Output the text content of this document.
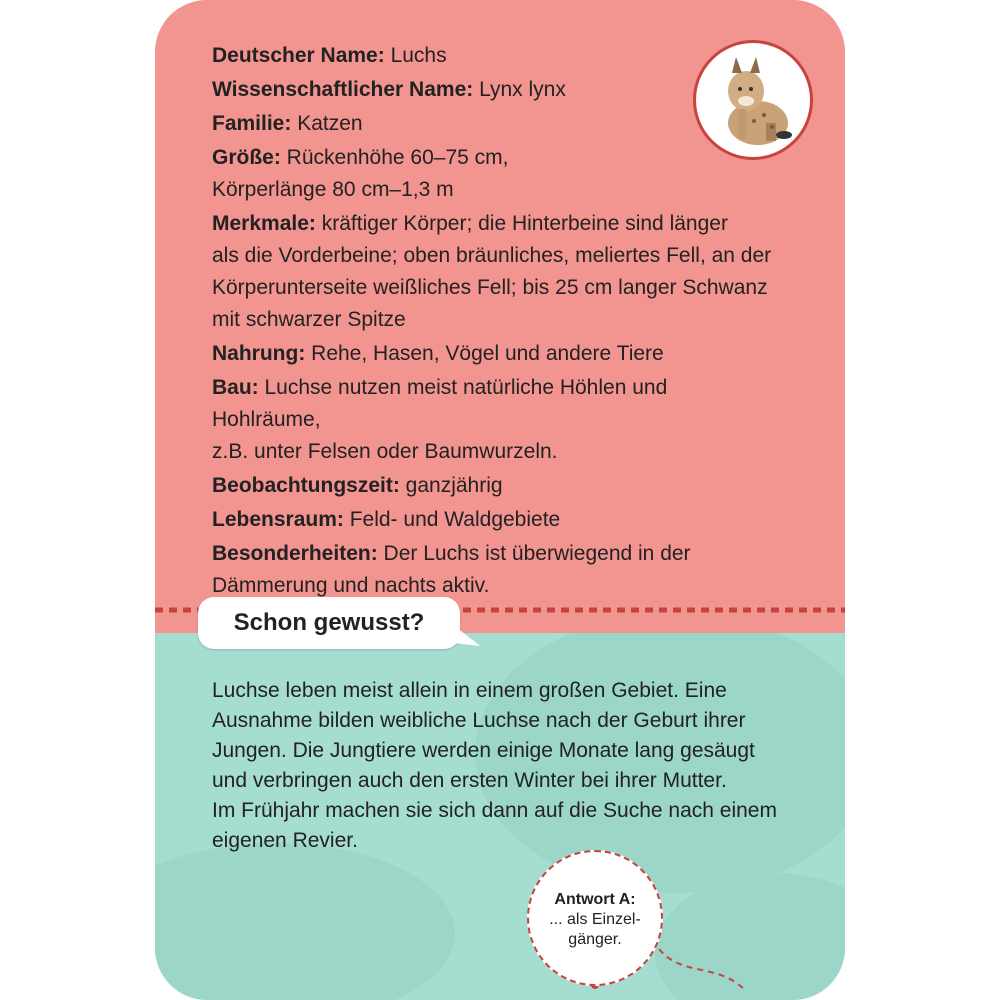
Deutscher Name: Luchs
Wissenschaftlicher Name: Lynx lynx
Familie: Katzen
Größe: Rückenhöhe 60–75 cm,
Körperlänge 80 cm–1,3 m
Merkmale: kräftiger Körper; die Hinterbeine sind länger
als die Vorderbeine; oben bräunliches, meliertes Fell, an der
Körperunterseite weißliches Fell; bis 25 cm langer Schwanz
mit schwarzer Spitze
Nahrung: Rehe, Hasen, Vögel und andere Tiere
Bau: Luchse nutzen meist natürliche Höhlen und Hohlräume,
z.B. unter Felsen oder Baumwurzeln.
Beobachtungszeit: ganzjährig
Lebensraum: Feld- und Waldgebiete
Besonderheiten: Der Luchs ist überwiegend in der
Dämmerung und nachts aktiv.
Schon gewusst?
Luchse leben meist allein in einem großen Gebiet. Eine
Ausnahme bilden weibliche Luchse nach der Geburt ihrer
Jungen. Die Jungtiere werden einige Monate lang gesäugt
und verbringen auch den ersten Winter bei ihrer Mutter.
Im Frühjahr machen sie sich dann auf die Suche nach einem
eigenen Revier.
Antwort A:
... als Einzel-
gänger.
